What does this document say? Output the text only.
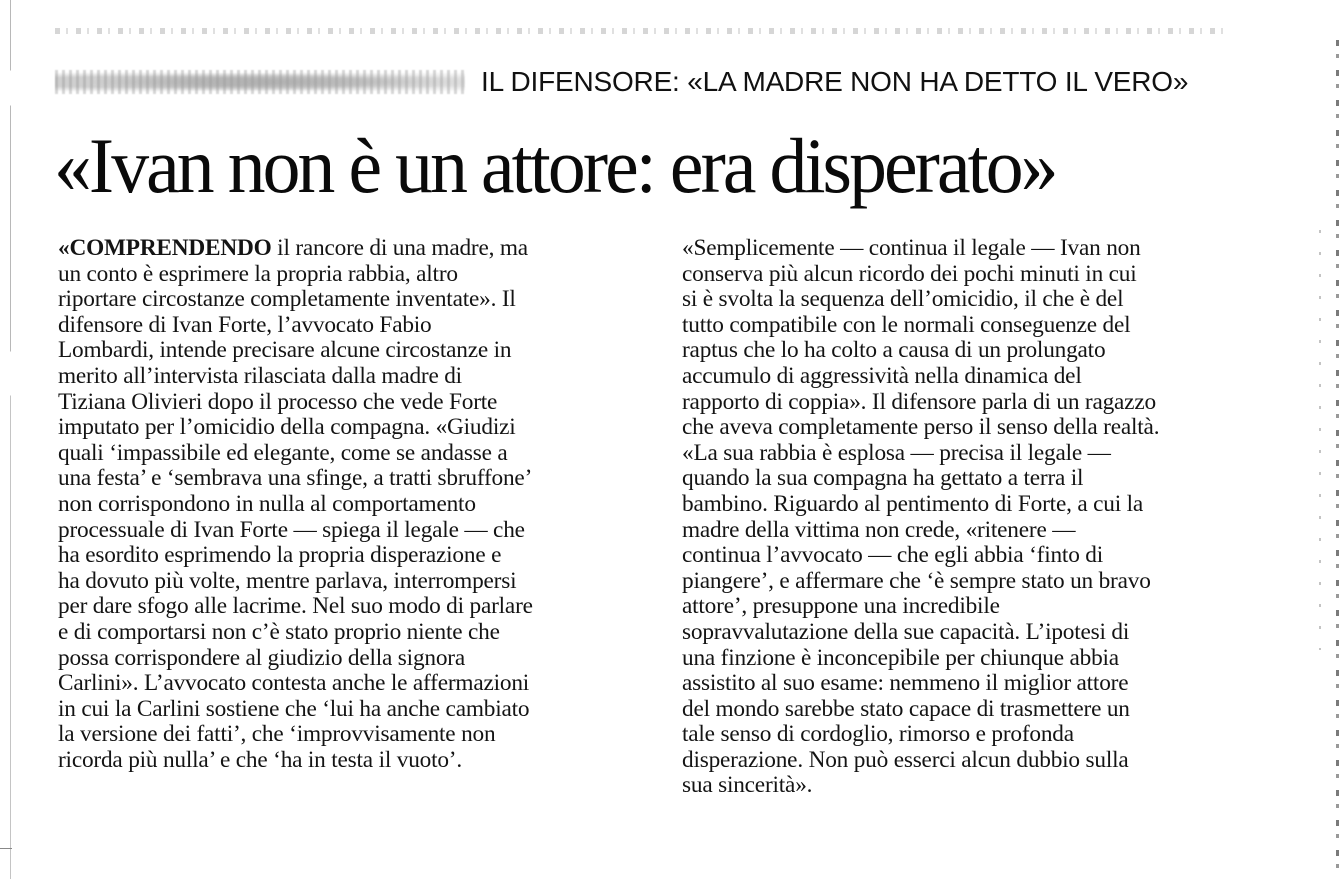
IL DIFENSORE: «LA MADRE NON HA DETTO IL VERO»
«Ivan non è un attore: era disperato»
«COMPRENDENDO il rancore di una madre, ma
un conto è esprimere la propria rabbia, altro
riportare circostanze completamente inventate». Il
difensore di Ivan Forte, l’avvocato Fabio
Lombardi, intende precisare alcune circostanze in
merito all’intervista rilasciata dalla madre di
Tiziana Olivieri dopo il processo che vede Forte
imputato per l’omicidio della compagna. «Giudizi
quali ‘impassibile ed elegante, come se andasse a
una festa’ e ‘sembrava una sfinge, a tratti sbruffone’
non corrispondono in nulla al comportamento
processuale di Ivan Forte — spiega il legale — che
ha esordito esprimendo la propria disperazione e
ha dovuto più volte, mentre parlava, interrompersi
per dare sfogo alle lacrime. Nel suo modo di parlare
e di comportarsi non c’è stato proprio niente che
possa corrispondere al giudizio della signora
Carlini». L’avvocato contesta anche le affermazioni
in cui la Carlini sostiene che ‘lui ha anche cambiato
la versione dei fatti’, che ‘improvvisamente non
ricorda più nulla’ e che ‘ha in testa il vuoto’.
«Semplicemente — continua il legale — Ivan non
conserva più alcun ricordo dei pochi minuti in cui
si è svolta la sequenza dell’omicidio, il che è del
tutto compatibile con le normali conseguenze del
raptus che lo ha colto a causa di un prolungato
accumulo di aggressività nella dinamica del
rapporto di coppia». Il difensore parla di un ragazzo
che aveva completamente perso il senso della realtà.
«La sua rabbia è esplosa — precisa il legale —
quando la sua compagna ha gettato a terra il
bambino. Riguardo al pentimento di Forte, a cui la
madre della vittima non crede, «ritenere —
continua l’avvocato — che egli abbia ‘finto di
piangere’, e affermare che ‘è sempre stato un bravo
attore’, presuppone una incredibile
sopravvalutazione della sue capacità. L’ipotesi di
una finzione è inconcepibile per chiunque abbia
assistito al suo esame: nemmeno il miglior attore
del mondo sarebbe stato capace di trasmettere un
tale senso di cordoglio, rimorso e profonda
disperazione. Non può esserci alcun dubbio sulla
sua sincerità».
